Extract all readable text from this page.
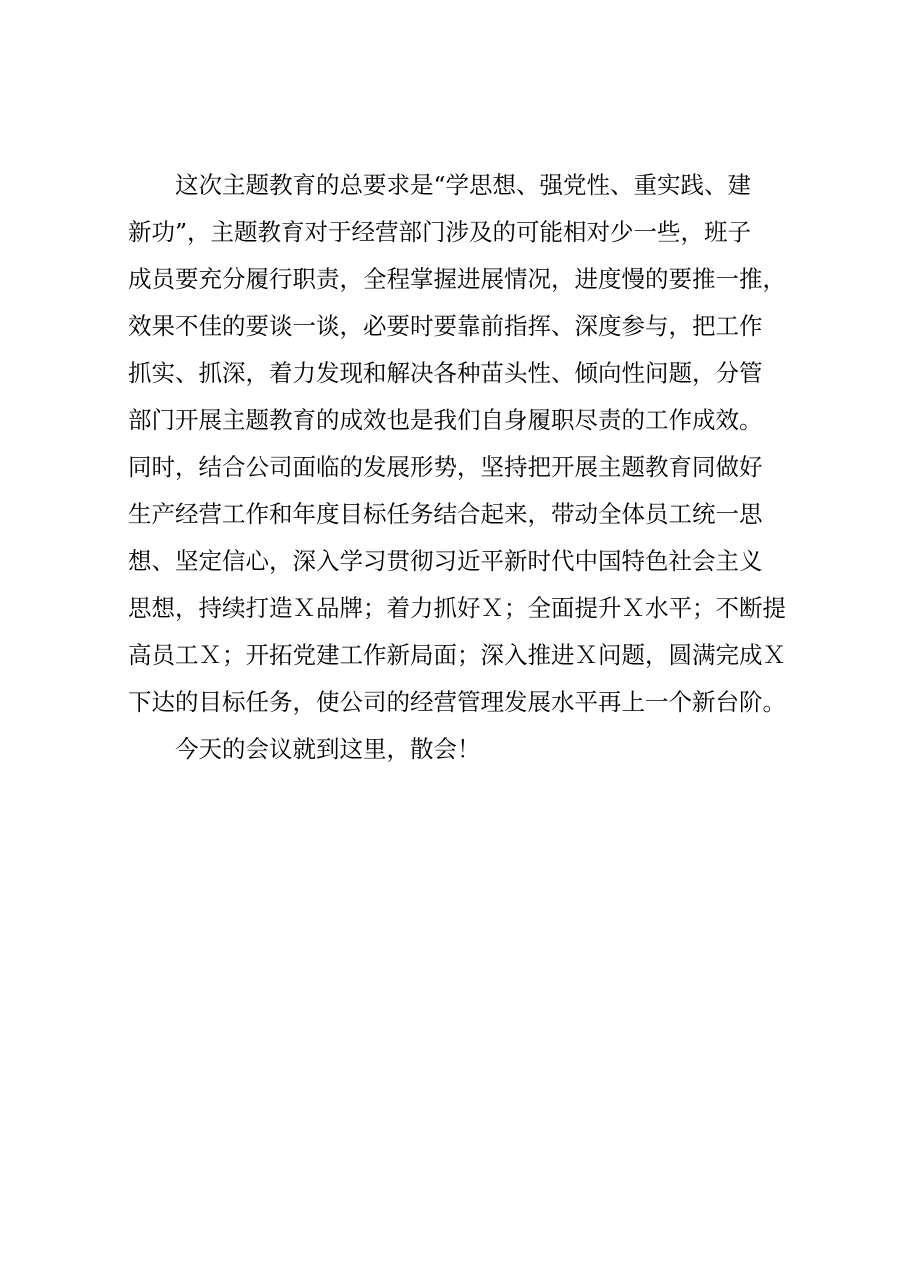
这次主题教育的总要求是“学思想、强党性、重实践、建
新功”，主题教育对于经营部门涉及的可能相对少一些，班子
成员要充分履行职责，全程掌握进展情况，进度慢的要推一推，
效果不佳的要谈一谈，必要时要靠前指挥、深度参与，把工作
抓实、抓深，着力发现和解决各种苗头性、倾向性问题，分管
部门开展主题教育的成效也是我们自身履职尽责的工作成效。
同时，结合公司面临的发展形势，坚持把开展主题教育同做好
生产经营工作和年度目标任务结合起来，带动全体员工统一思
想、坚定信心，深入学习贯彻习近平新时代中国特色社会主义
思想，持续打造Ｘ品牌；着力抓好Ｘ；全面提升Ｘ水平；不断提
高员工Ｘ；开拓党建工作新局面；深入推进Ｘ问题，圆满完成Ｘ
下达的目标任务，使公司的经营管理发展水平再上一个新台阶。
今天的会议就到这里，散会！
